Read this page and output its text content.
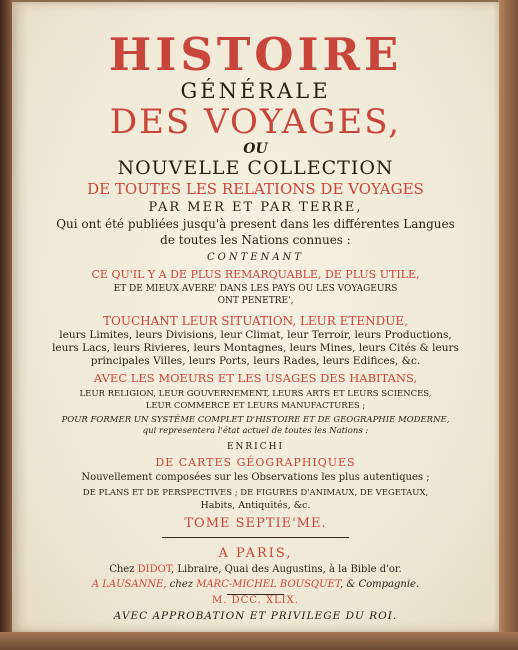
HISTOIRE
GÉNÉRALE
DES VOYAGES,
OU
NOUVELLE COLLECTION
DE TOUTES LES RELATIONS DE VOYAGES
PAR MER ET PAR TERRE,
Qui ont été publiées jusqu'à present dans les différentes Langues
de toutes les Nations connues :
CONTENANT
CE QU'IL Y A DE PLUS REMARQUABLE, DE PLUS UTILE,
ET DE MIEUX AVERE' DANS LES PAYS OU LES VOYAGEURS
ONT PENETRE',
TOUCHANT LEUR SITUATION, LEUR ETENDUE,
leurs Limites, leurs Divisions, leur Climat, leur Terroir, leurs Productions,
leurs Lacs, leurs Rivieres, leurs Montagnes, leurs Mines, leurs Cités & leurs
principales Villes, leurs Ports, leurs Rades, leurs Edifices, &c.
AVEC LES MOEURS ET LES USAGES DES HABITANS,
LEUR RELIGION, LEUR GOUVERNEMENT, LEURS ARTS ET LEURS SCIENCES,
LEUR COMMERCE ET LEURS MANUFACTURES ;
POUR FORMER UN SYSTÈME COMPLET D'HISTOIRE ET DE GEOGRAPHIE MODERNE,
qui representera l'état actuel de toutes les Nations :
ENRICHI
DE CARTES GÉOGRAPHIQUES
Nouvellement composées sur les Observations les plus autentiques ;
DE PLANS ET DE PERSPECTIVES ; DE FIGURES D'ANIMAUX, DE VEGETAUX,
Habits, Antiquités, &c.
TOME SEPTIE'ME.
A PARIS,
Chez DIDOT, Libraire, Quai des Augustins, à la Bible d'or.
A LAUSANNE, chez MARC-MICHEL BOUSQUET, & Compagnie.
M. DCC. XLIX.
AVEC APPROBATION ET PRIVILEGE DU ROI.
